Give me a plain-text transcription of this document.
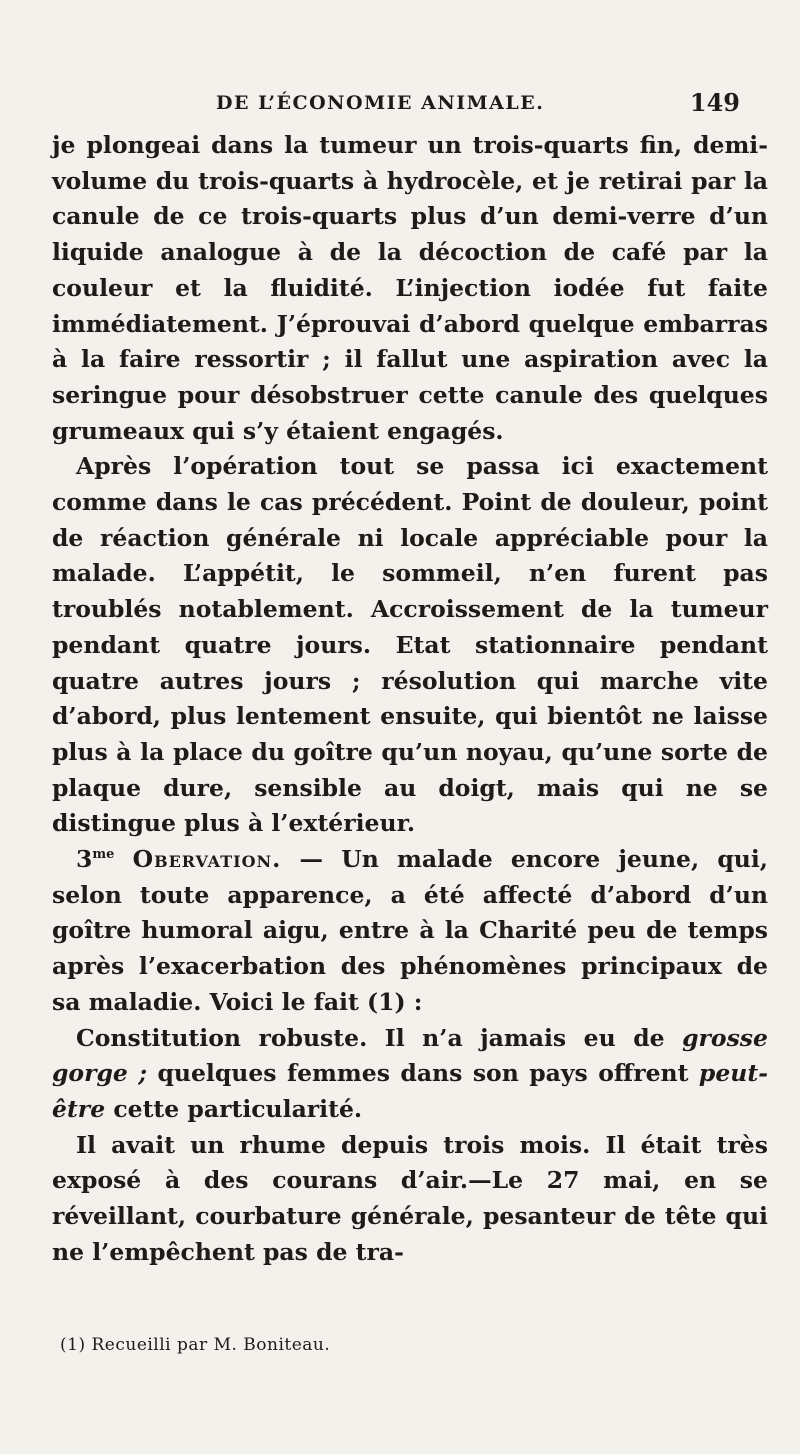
DE L’ÉCONOMIE ANIMALE.	149

je plongeai dans la tumeur un trois-quarts fin, demi-volume du trois-quarts à hydrocèle, et je retirai par la canule de ce trois-quarts plus d’un demi-verre d’un liquide analogue à de la décoction de café par la couleur et la fluidité. L’injection iodée fut faite immédiatement. J’éprouvai d’abord quelque embarras à la faire ressortir ; il fallut une aspiration avec la seringue pour désobstruer cette canule des quelques grumeaux qui s’y étaient engagés.

Après l’opération tout se passa ici exactement comme dans le cas précédent. Point de douleur, point de réaction générale ni locale appréciable pour la malade. L’appétit, le sommeil, n’en furent pas troublés notablement. Accroissement de la tumeur pendant quatre jours. Etat stationnaire pendant quatre autres jours ; résolution qui marche vite d’abord, plus lentement ensuite, qui bientôt ne laisse plus à la place du goître qu’un noyau, qu’une sorte de plaque dure, sensible au doigt, mais qui ne se distingue plus à l’extérieur.

$3^{me}$ Obervation. — Un malade encore jeune, qui, selon toute apparence, a été affecté d’abord d’un goître humoral aigu, entre à la Charité peu de temps après l’exacerbation des phénomènes principaux de sa maladie. Voici le fait (1) :

Constitution robuste. Il n’a jamais eu de grosse gorge ; quelques femmes dans son pays offrent peut-être cette particularité.

Il avait un rhume depuis trois mois. Il était très exposé à des courans d’air.—Le 27 mai, en se réveillant, courbature générale, pesanteur de tête qui ne l’empêchent pas de tra-

(1) Recueilli par M. Boniteau.
